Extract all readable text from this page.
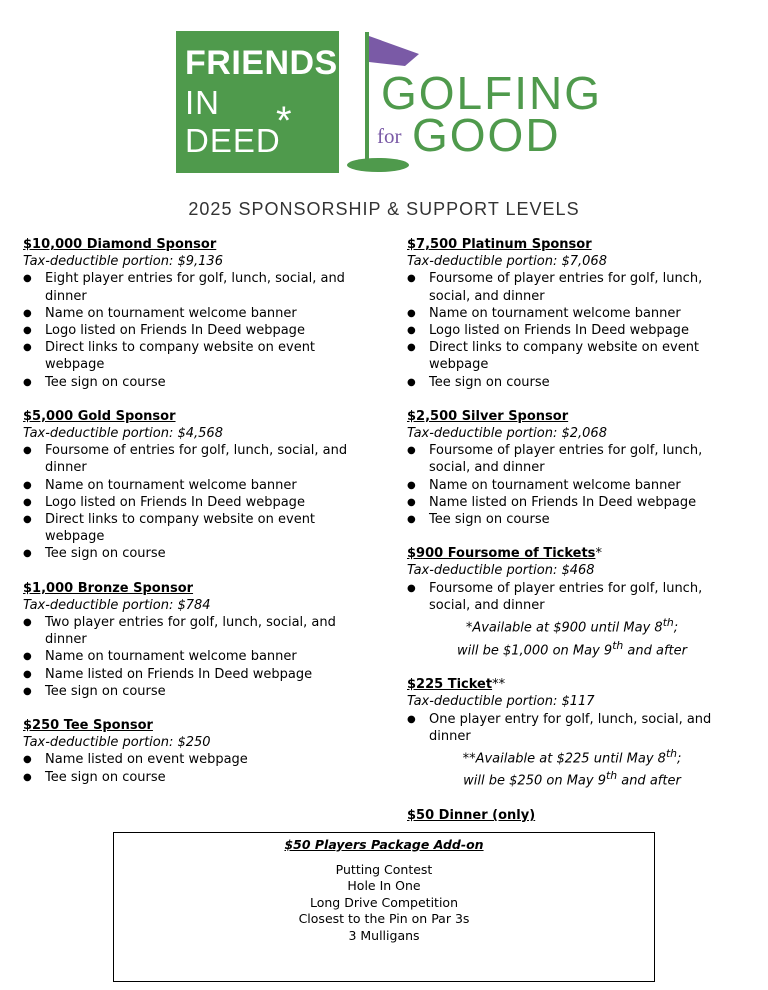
FRIENDS
IN
DEED
*
GOLFING
for GOOD
2025 SPONSORSHIP & SUPPORT LEVELS
$10,000 Diamond Sponsor
Tax-deductible portion: $9,136
● Eight player entries for golf, lunch, social, and dinner
● Name on tournament welcome banner
● Logo listed on Friends In Deed webpage
● Direct links to company website on event webpage
● Tee sign on course
$5,000 Gold Sponsor
Tax-deductible portion: $4,568
● Foursome of entries for golf, lunch, social, and dinner
● Name on tournament welcome banner
● Logo listed on Friends In Deed webpage
● Direct links to company website on event webpage
● Tee sign on course
$1,000 Bronze Sponsor
Tax-deductible portion: $784
● Two player entries for golf, lunch, social, and dinner
● Name on tournament welcome banner
● Name listed on Friends In Deed webpage
● Tee sign on course
$250 Tee Sponsor
Tax-deductible portion: $250
● Name listed on event webpage
● Tee sign on course
$7,500 Platinum Sponsor
Tax-deductible portion: $7,068
● Foursome of player entries for golf, lunch, social, and dinner
● Name on tournament welcome banner
● Logo listed on Friends In Deed webpage
● Direct links to company website on event webpage
● Tee sign on course
$2,500 Silver Sponsor
Tax-deductible portion: $2,068
● Foursome of player entries for golf, lunch, social, and dinner
● Name on tournament welcome banner
● Name listed on Friends In Deed webpage
● Tee sign on course
$900 Foursome of Tickets*
Tax-deductible portion: $468
● Foursome of player entries for golf, lunch, social, and dinner
*Available at $900 until May 8th;
will be $1,000 on May 9th and after
$225 Ticket**
Tax-deductible portion: $117
● One player entry for golf, lunch, social, and dinner
**Available at $225 until May 8th;
will be $250 on May 9th and after
$50 Dinner (only)
$50 Players Package Add-on
Putting Contest
Hole In One
Long Drive Competition
Closest to the Pin on Par 3s
3 Mulligans
